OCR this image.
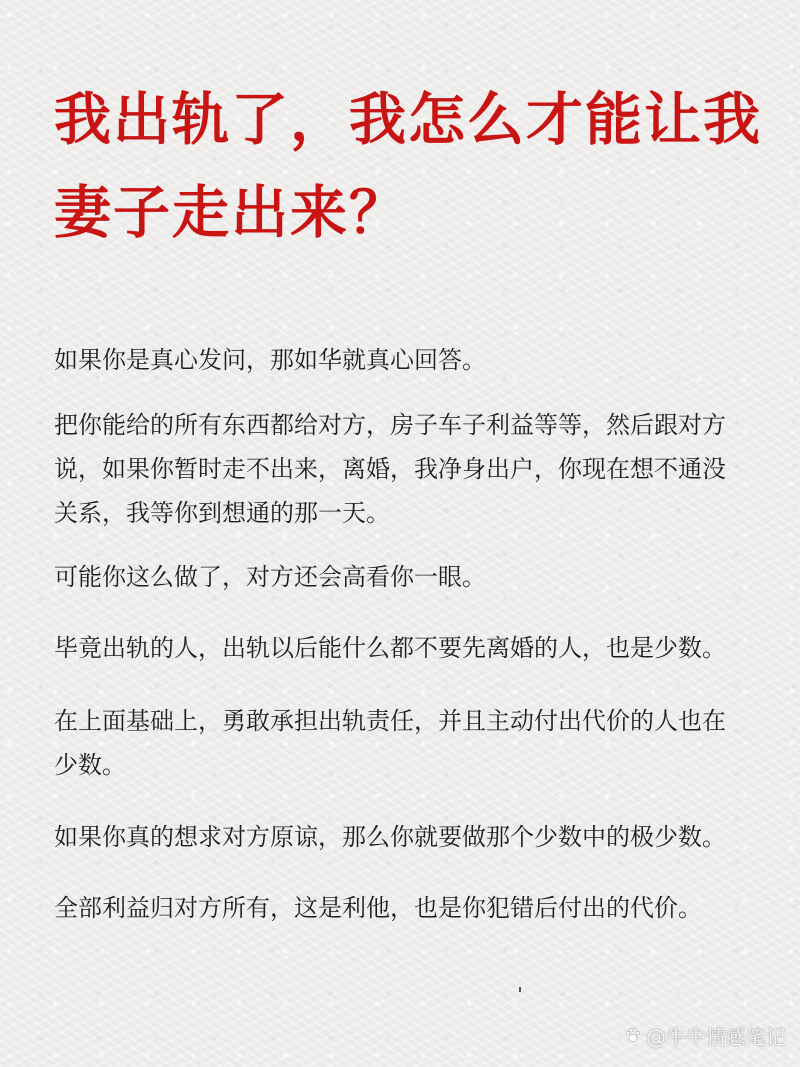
我出轨了，我怎么才能让我
妻子走出来？

如果你是真心发问，那如华就真心回答。

把你能给的所有东西都给对方，房子车子利益等等，然后跟对方
说，如果你暂时走不出来，离婚，我净身出户，你现在想不通没
关系，我等你到想通的那一天。

可能你这么做了，对方还会高看你一眼。

毕竟出轨的人，出轨以后能什么都不要先离婚的人，也是少数。

在上面基础上，勇敢承担出轨责任，并且主动付出代价的人也在
少数。

如果你真的想求对方原谅，那么你就要做那个少数中的极少数。

全部利益归对方所有，这是利他，也是你犯错后付出的代价。

@牛牛情感笔记
